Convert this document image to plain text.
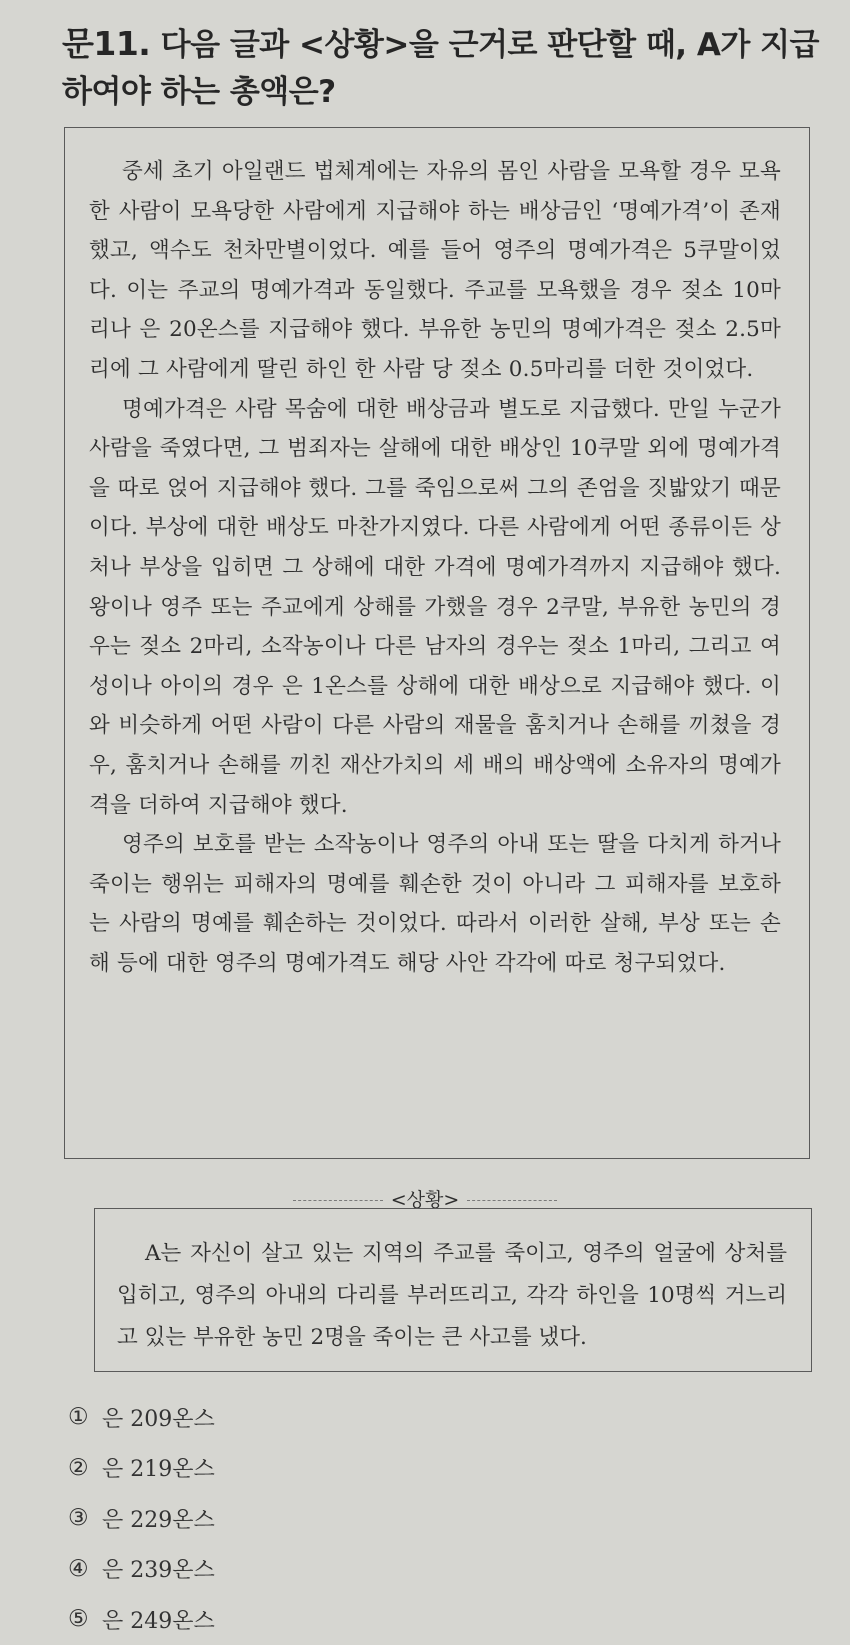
문11. 다음 글과 <상황>을 근거로 판단할 때, A가 지급하여야 하는 총액은?

중세 초기 아일랜드 법체계에는 자유의 몸인 사람을 모욕할 경우 모욕한 사람이 모욕당한 사람에게 지급해야 하는 배상금인 ‘명예가격’이 존재했고, 액수도 천차만별이었다. 예를 들어 영주의 명예가격은 5쿠말이었다. 이는 주교의 명예가격과 동일했다. 주교를 모욕했을 경우 젖소 10마리나 은 20온스를 지급해야 했다. 부유한 농민의 명예가격은 젖소 2.5마리에 그 사람에게 딸린 하인 한 사람 당 젖소 0.5마리를 더한 것이었다.

명예가격은 사람 목숨에 대한 배상금과 별도로 지급했다. 만일 누군가 사람을 죽였다면, 그 범죄자는 살해에 대한 배상인 10쿠말 외에 명예가격을 따로 얹어 지급해야 했다. 그를 죽임으로써 그의 존엄을 짓밟았기 때문이다. 부상에 대한 배상도 마찬가지였다. 다른 사람에게 어떤 종류이든 상처나 부상을 입히면 그 상해에 대한 가격에 명예가격까지 지급해야 했다. 왕이나 영주 또는 주교에게 상해를 가했을 경우 2쿠말, 부유한 농민의 경우는 젖소 2마리, 소작농이나 다른 남자의 경우는 젖소 1마리, 그리고 여성이나 아이의 경우 은 1온스를 상해에 대한 배상으로 지급해야 했다. 이와 비슷하게 어떤 사람이 다른 사람의 재물을 훔치거나 손해를 끼쳤을 경우, 훔치거나 손해를 끼친 재산가치의 세 배의 배상액에 소유자의 명예가격을 더하여 지급해야 했다.

영주의 보호를 받는 소작농이나 영주의 아내 또는 딸을 다치게 하거나 죽이는 행위는 피해자의 명예를 훼손한 것이 아니라 그 피해자를 보호하는 사람의 명예를 훼손하는 것이었다. 따라서 이러한 살해, 부상 또는 손해 등에 대한 영주의 명예가격도 해당 사안 각각에 따로 청구되었다.

<상황>

A는 자신이 살고 있는 지역의 주교를 죽이고, 영주의 얼굴에 상처를 입히고, 영주의 아내의 다리를 부러뜨리고, 각각 하인을 10명씩 거느리고 있는 부유한 농민 2명을 죽이는 큰 사고를 냈다.

① 은 209온스
② 은 219온스
③ 은 229온스
④ 은 239온스
⑤ 은 249온스
